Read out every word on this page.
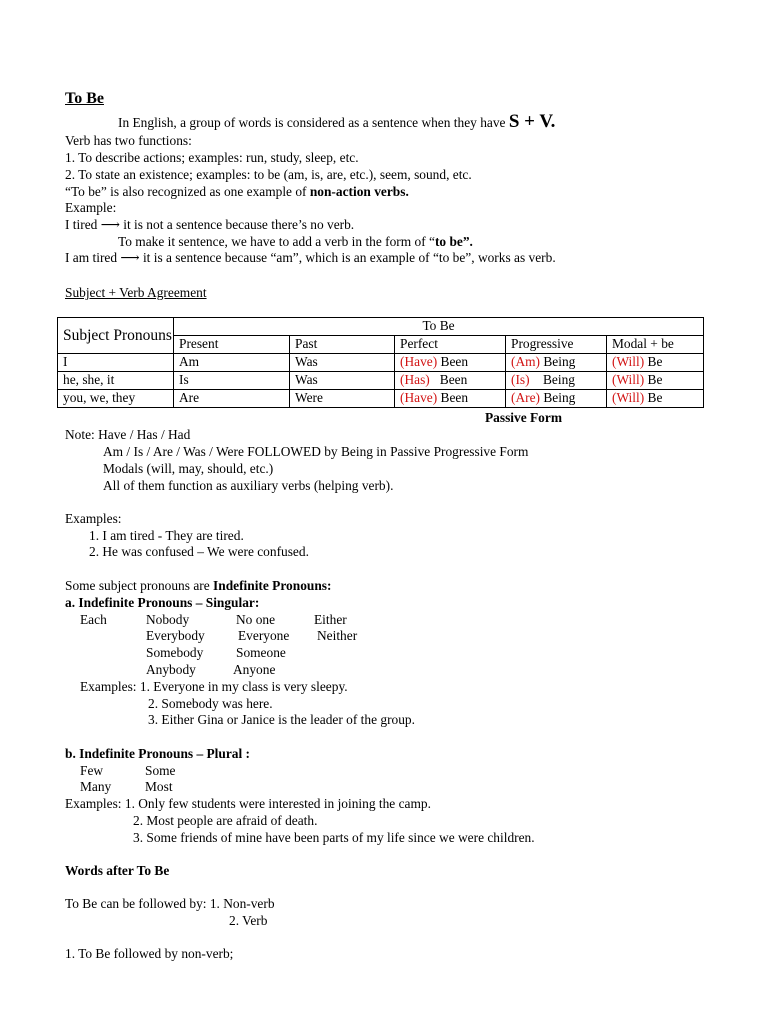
To Be
In English, a group of words is considered as a sentence when they have S + V.
Verb has two functions:
1. To describe actions; examples: run, study, sleep, etc.
2. To state an existence; examples: to be (am, is, are, etc.), seem, sound, etc.
“To be” is also recognized as one example of non-action verbs.
Example:
I tired ⟶ it is not a sentence because there’s no verb.
To make it sentence, we have to add a verb in the form of “to be”.
I am tired ⟶ it is a sentence because “am”, which is an example of “to be”, works as verb.
Subject + Verb Agreement
Subject Pronouns	To Be				
	Present	Past	Perfect	Progressive	Modal + be
I	Am	Was	(Have) Been	(Am) Being	(Will) Be
he, she, it	Is	Was	(Has) Been	(Is) Being	(Will) Be
you, we, they	Are	Were	(Have) Been	(Are) Being	(Will) Be
Passive Form
Note: Have / Has / Had
Am / Is / Are / Was / Were FOLLOWED by Being in Passive Progressive Form
Modals (will, may, should, etc.)
All of them function as auxiliary verbs (helping verb).
Examples:
1. I am tired - They are tired.
2. He was confused – We were confused.
Some subject pronouns are Indefinite Pronouns:
a. Indefinite Pronouns – Singular:
Each	Nobody	No one	Either
Everybody Everyone Neither
Somebody Someone
Anybody	Anyone
Examples: 1. Everyone in my class is very sleepy.
2. Somebody was here.
3. Either Gina or Janice is the leader of the group.
b. Indefinite Pronouns – Plural :
Few	Some
Many	Most
Examples: 1. Only few students were interested in joining the camp.
2. Most people are afraid of death.
3. Some friends of mine have been parts of my life since we were children.
Words after To Be
To Be can be followed by: 1. Non-verb
2. Verb
1. To Be followed by non-verb;
